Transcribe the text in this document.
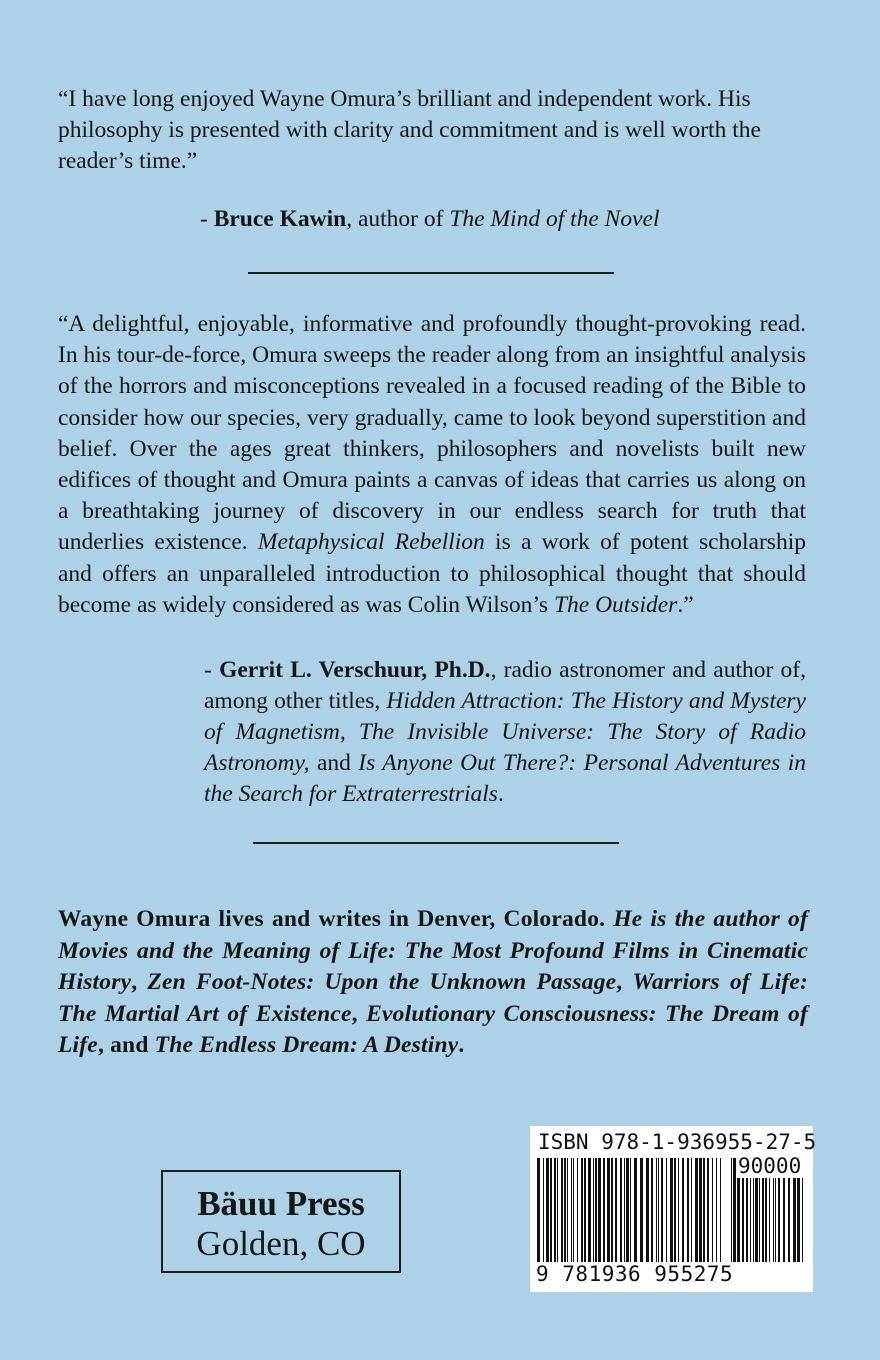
“I have long enjoyed Wayne Omura’s brilliant and independent work. His philosophy is presented with clarity and commitment and is well worth the reader’s time.”

- Bruce Kawin, author of The Mind of the Novel

“A delightful, enjoyable, informative and profoundly thought-provoking read. In his tour-de-force, Omura sweeps the reader along from an insightful analysis of the horrors and misconceptions revealed in a focused reading of the Bible to consider how our species, very gradually, came to look beyond superstition and belief. Over the ages great thinkers, philosophers and novelists built new edifices of thought and Omura paints a canvas of ideas that carries us along on a breathtaking journey of discovery in our endless search for truth that underlies existence. Metaphysical Rebellion is a work of potent scholarship and offers an unparalleled introduction to philosophical thought that should become as widely considered as was Colin Wilson’s The Outsider.”

- Gerrit L. Verschuur, Ph.D., radio astronomer and author of, among other titles, Hidden Attraction: The History and Mystery of Magnetism, The Invisible Universe: The Story of Radio Astronomy, and Is Anyone Out There?: Personal Adventures in the Search for Extraterrestrials.

Wayne Omura lives and writes in Denver, Colorado. He is the author of Movies and the Meaning of Life: The Most Profound Films in Cinematic History, Zen Foot-Notes: Upon the Unknown Passage, Warriors of Life: The Martial Art of Existence, Evolutionary Consciousness: The Dream of Life, and The Endless Dream: A Destiny.

Bäuu Press
Golden, CO
ISBN 978-1-936955-27-5
90000
9 781936 955275
